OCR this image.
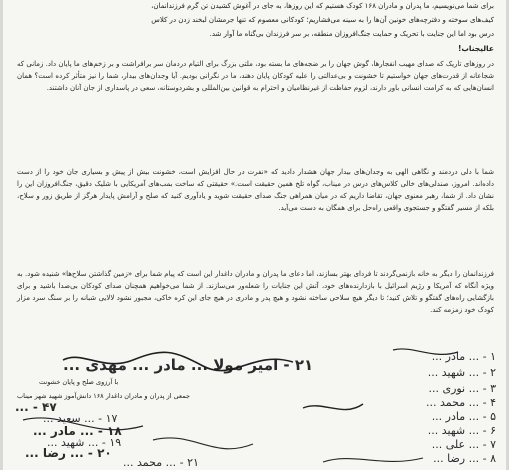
برای شما می‌نویسیم، ما پدران و مادران ۱۶۸ کودک هستیم که این روزها، به جای در آغوش کشیدن تن گرم فرزندانمان،
کیف‌های سوخته و دفترچه‌های خونین آن‌ها را به سینه می‌فشاریم؛ کودکانی معصوم که تنها جرمشان لبخند زدن در کلاس
درس بود اما این جنایت با تحریک و حمایت جنگ‌افروزان منطقه، بر سر فرزندان بی‌گناه ما آوار شد.
عالیجناب!
در روزهای تاریک که صدای مهیب انفجارها، گوش جهان را بر ضجه‌های ما بسته بود، ملتی بزرگ برای التیام دردمان سر برافراشت و بر زخم‌های ما پایان داد. زمانی که شجاعانه از قدرت‌های جهان خواستیم تا خشونت و بی‌عدالتی را علیه کودکان پایان دهند، ما در نگرانی بودیم. آیا وجدان‌های بیدار، شما را نیز متأثر کرده است؟ همان انسان‌هایی که به کرامت انسانی باور دارند، لزوم حفاظت از غیرنظامیان و احترام به قوانین بین‌المللی و بشردوستانه، سعی در پاسداری از جان آنان داشتند.
شما با دلی دردمند و نگاهی الهی به وجدان‌های بیدار جهان هشدار دادید که «نفرت در حال افزایش است، خشونت بیش از پیش و بسیاری جان خود را از دست داده‌اند. امروز، صندلی‌های خالی کلاس‌های درس در میناب، گواه تلخ همین حقیقت است.» حقیقتی که ساخت بمب‌های آمریکایی با شلیک دقیق، جنگ‌افروزان این را نشان داد. از شما، رهبر معنوی جهان، تقاضا داریم که در میان همراهی جنگ صدای حقیقت شوید و یادآوری کنید که صلح و آرامش پایدار هرگز از طریق زور و سلاح، بلکه از مسیر گفتگو و جستجوی واقعی راه‌حل برای همگان به دست می‌آید.
فرزندانمان را دیگر به خانه بازنمی‌گردند تا فردای بهتر بسازند، اما دعای ما پدران و مادران داغدار این است که پیام شما برای «زمین گذاشتن سلاح‌ها» شنیده شود. به ویژه آنگاه که آمریکا و رژیم اسرائیل با بازدارنده‌های خود، آتش این جنایات را شعله‌ور می‌سازند. از شما می‌خواهیم همچنان صدای کودکان بی‌صدا باشید و برای بازگشایی راه‌های گفتگو و تلاش کنید؛ تا دیگر هیچ سلاحی ساخته نشود و هیچ پدر و مادری در هیچ جای این کره خاکی، مجبور نشود لالایی شبانه را بر سنگ سرد مزار کودک خود زمزمه کند.
۲۱ - امیر مولا ... مادر ... مهدی ...
با آرزوی صلح و پایان خشونت
جمعی از پدران و مادران داغدار ۱۶۸ دانش‌آموز شهید شهر میناب
۴۷ - ...
۱۷ - ... سعید ...
۱۸ - ... مادر ...
۱۹ - ... شهید ...
۲۰ - ... رضا ...
۲۱ - ... محمد ...
۱ - ... مادر ...
۲ - ... شهید ...
۳ - ... نوری ...
۴ - ... محمد ...
۵ - ... مادر ...
۶ - ... شهید ...
۷ - ... علی ...
۸ - ... رضا ...
